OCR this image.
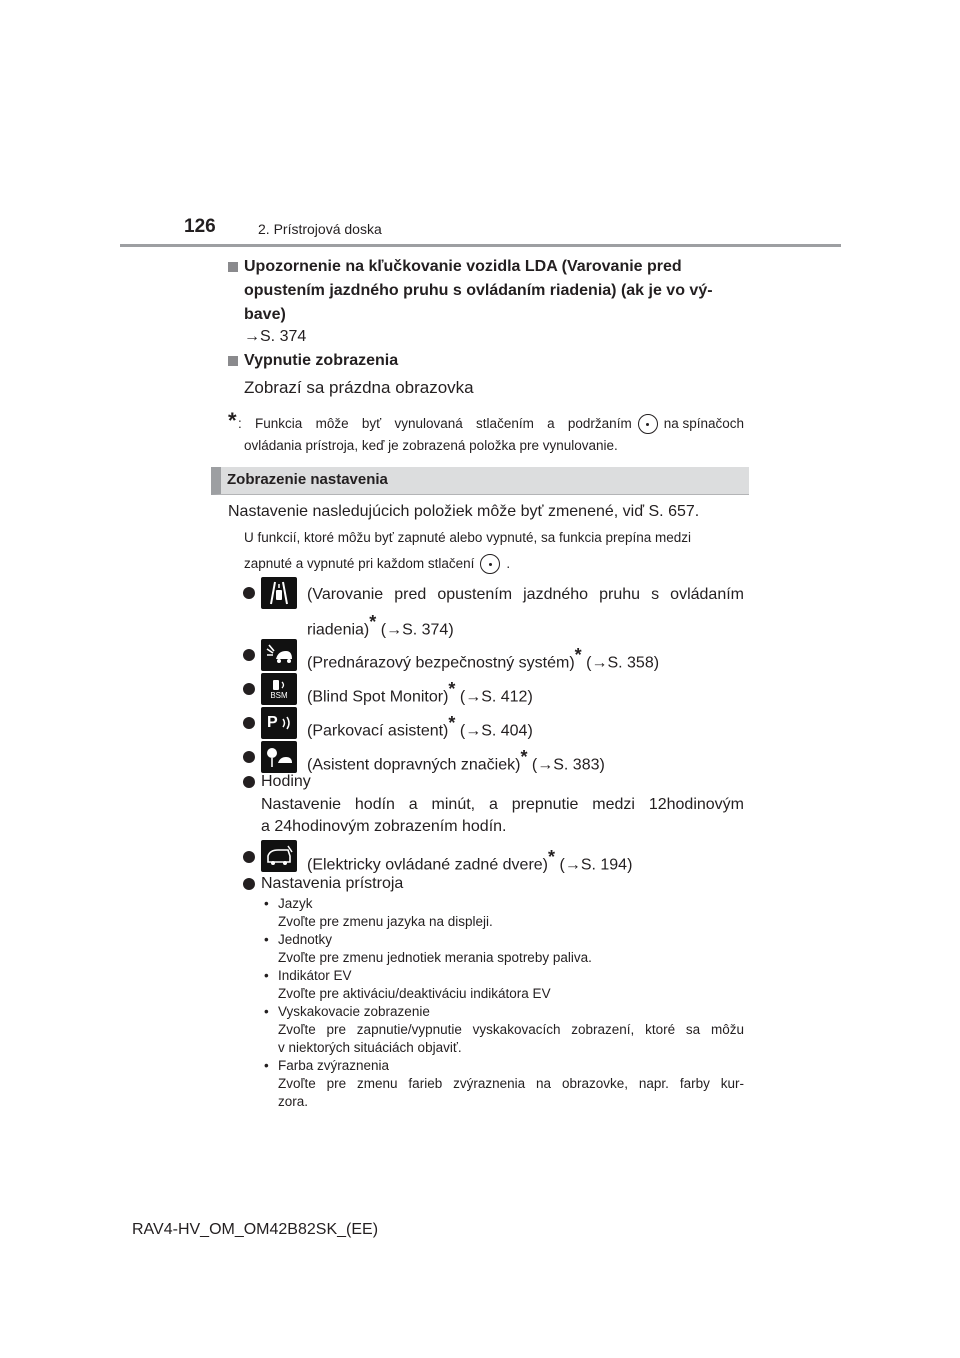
126	2. Prístrojová doska
Upozornenie na kľučkovanie vozidla LDA (Varovanie pred
opustením jazdného pruhu s ovládaním riadenia) (ak je vo vý-
bave)
→S. 374
Vypnutie zobrazenia
Zobrazí sa prázdna obrazovka
* : Funkcia môže byť vynulovaná stlačením a podržaním na spínačoch
ovládania prístroja, keď je zobrazená položka pre vynulovanie.
Zobrazenie nastavenia
Nastavenie nasledujúcich položiek môže byť zmenené, viď S. 657.
U funkcií, ktoré môžu byť zapnuté alebo vypnuté, sa funkcia prepína medzi
zapnuté a vypnuté pri každom stlačení .
(Varovanie pred opustením jazdného pruhu s ovládaním
riadenia)* (→S. 374)
(Prednárazový bezpečnostný systém)* (→S. 358)
BSM (Blind Spot Monitor)* (→S. 412)
P (Parkovací asistent)* (→S. 404)
(Asistent dopravných značiek)* (→S. 383)
Hodiny
Nastavenie hodín a minút, a prepnutie medzi 12hodinovým
a 24hodinovým zobrazením hodín.
(Elektricky ovládané zadné dvere)* (→S. 194)
Nastavenia prístroja
• Jazyk
Zvoľte pre zmenu jazyka na displeji.
• Jednotky
Zvoľte pre zmenu jednotiek merania spotreby paliva.
• Indikátor EV
Zvoľte pre aktiváciu/deaktiváciu indikátora EV
• Vyskakovacie zobrazenie
Zvoľte pre zapnutie/vypnutie vyskakovacích zobrazení, ktoré sa môžu
v niektorých situáciách objaviť.
• Farba zvýraznenia
Zvoľte pre zmenu farieb zvýraznenia na obrazovke, napr. farby kur-
zora.
RAV4-HV_OM_OM42B82SK_(EE)
